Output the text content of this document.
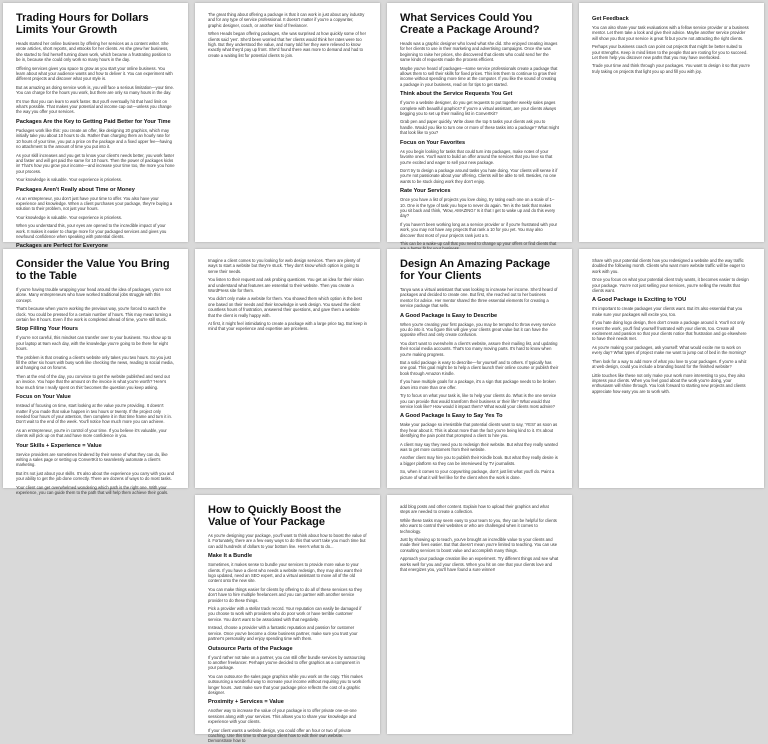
Trading Hours for Dollars Limits Your Growth
Heads started her online business by offering her services as a content writer. She wrote articles, short reports, and eBooks for her clients. As she grew her business, she started to find herself turning down work, which became a frustrating position to be in, because she could only work so many hours in the day.
Offering services gives you space to grow as you start your online business. You learn about what your audience wants and how to deliver it. You can experiment with different projects and discover what your style is.
But as amazing as doing service work is, you will face a serious limitation—your time. You can charge for the hours you work, but there are only so many hours in the day.
It's true that you can learn to work faster. But you'll eventually hit that hard limit on what's possible. That makes your potential and income cap out—unless you change the way you offer your services.
Packages Are the Key to Getting Paid Better for Your Time
Packages work like this: you create an offer, like designing 20 graphics, which may initially take you about 10 hours to do. Rather than charging them an hourly rate for 10 hours of your time, you put a price on the package and a fixed upper fee—having no attachment to the amount of time you put into it.
As your skill increases and you get to know your client's needs better, you work faster and faster and will get paid the same for 10 hours. Then the power of packages kicks in! That's how you grow your income—and increase your time too, the more you hone your process.
Your knowledge is valuable. Your experience is priceless.
Packages Aren't Really about Time or Money
As an entrepreneur, you don't just have your time to offer. You also have your experience and knowledge. When a client purchases your package, they're buying a solution to their problem, not just your hours.
Your knowledge is valuable. Your experience is priceless.
When you understand this, your eyes are opened to the incredible impact of your work. It makes it easier to charge more for your packaged services and gives you newfound confidence when speaking with potential clients.
Packages are Perfect for Everyone
The great thing about offering a package is that it can work in just about any industry and for any type of service professional. It doesn't matter if you're a copywriter, graphic designer, coach, or another kind of freelancer.
When Heads began offering packages, she was surprised at how quickly some of her clients said 'yes'. She'd been worried that her clients would think her rates were too high. But they understood the value, and many told her they were relieved to know exactly what they'd pay up front. She'd found there was more to demand and had to create a waiting list for potential clients to join.
What Services Could You Create a Package Around?
Heads was a graphic designer who loved what she did. She enjoyed creating images for her clients to use in their marketing and advertising campaigns. Once she was beginning to raise her prices, she discovered that clients who could send her the same kinds of requests made the process efficient.
Maybe you've heard of packages—some service professionals create a package that allows them to sell their skills for fixed prices. This lets them to continue to grow their income without spending more time at the computer. If you like the sound of creating a package in your business, read on for tips to get started.
Think about the Service Requests You Get
If you're a website designer, do you get requests to put together weekly sales pages complete with beautiful graphics? If you're a virtual assistant, are your clients always begging you to set up their mailing list in ConvertKit?
Grab pen and paper quickly. Write down the top 5 tasks your clients ask you to handle. Would you like to turn one or more of these tasks into a package? What might that look like to you?
Focus on Your Favorites
As you begin looking for tasks that could turn into packages, make notes of your favorite ones. You'll want to build an offer around the services that you love so that you're excited and eager to sell your new package.
Don't try to design a package around tasks you hate doing. Your clients will sense it if you're not passionate about your offering. Clients will be able to tell. Besides, no one wants to be stuck doing work they don't enjoy.
Rate Your Services
Once you have a list of projects you love doing, try rating each one on a scale of 1–10. One is the type of task you hope to never do again. Ten is the task that makes you sit back and think, 'Wow, AMAZING!' Is it that I get to wake up and do this every day?
If you haven't been working long as a service provider or if you're frustrated with your work, you may not have any projects that rank a 10 for you yet. You may also discover that most of your projects rank just a 5.
This can be a wake-up call that you need to change up your offers or find clients that
Get Feedback
You can also share your task evaluations with a fellow service provider or a business mentor. Let them take a look and give their advice. Maybe another service provider will show you that your service is great fit but you're not attracting the right clients.
Perhaps your business coach can point out projects that might be better suited to your strengths. Keep in mind listen to the people that are rooting for you to succeed. Let them help you discover new paths that you may have overlooked.
Trade your time and think through your packages. You want to design it so that you're truly taking on projects that light you up and fill you with joy.
Consider the Value You Bring to the Table
If you're having trouble wrapping your head around the idea of packages, you're not alone. Many entrepreneurs who have worked traditional jobs struggle with this concept.
That's because when you're working the previous way, you're forced to watch the clock. You could be pressed for a certain number of hours. This may mean turning a certain fee 8 hours. Even if the work is completed ahead of time, you're still stuck.
Stop Filling Your Hours
If you're not careful, this mindset can transfer over to your business. You show up to your laptop at 9am each day, with the knowledge you're going to be there for eight hours.
The problem is that creating a client's website only takes you two hours. So you just fill the other six hours with busy work like checking the news, reading to social media, and hanging out on forums.
Then at the end of the day, you convince to get the website published and send out an invoice. You hope that the amount on the invoice is what you're worth? 'Here's how much time I really spent on this' becomes the question you keep asking.
Focus on Your Value
Instead of focusing on time, start looking at the value you're providing. It doesn't matter if you made that value happen in two hours or twenty. If the project only needed four hours of your attention, then complete it in that time frame and turn it in. Don't wait to the end of the week. You'll notice how much more you can achieve.
As an entrepreneur, you're in control of your time. If you believe it's valuable, your clients will pick up on that and have more confidence in you.
Your Skills + Experience = Value
Service providers are sometimes hindered by their sense of what they can do, like writing a sales page or setting up ConvertKit to seamlessly automate a client's marketing.
But it's not just about your skills. It's also about the experience you carry with you and your ability to get the job done correctly. There are dozens of ways to do most tasks.
Your client can get overwhelmed wondering which path is the right one. With your experience, you can guide them to the path that will help them achieve their goals.
Imagine a client comes to you looking for web design services. There are plenty of ways to start a website but they're stuck. They don't know which option is going to serve their needs.
You listen to their request and ask probing questions. You get an idea for their vision and understand what features are essential to their website. Then you create a WordPress site for them.
You didn't only make a website for them. You showed them which option is the best one based on their needs and their knowledge in web design. You saved the client countless hours of frustration, answered their questions, and gave them a website that the client is really happy with.
At first, it might feel intimidating to create a package with a large price tag. But keep in mind that your experience and expertise are priceless.
Design An Amazing Package for Your Clients
Tanya was a virtual assistant that was looking to increase her income. She'd heard of packages and decided to create one. But first, she reached out to her business mentor for advice. Her mentor shared the three essential elements for creating a service package that sells.
A Good Package is Easy to Describe
When you're creating your first package, you may be tempted to throw every service you do into it. You figure this will give your clients great value but it can have the opposite effect and only create confusion.
You don't want to overwhelm a client's website, assure their mailing list, and updating their social media accounts. That's too many moving parts. It's hard to know when you're making progress.
But a solid package is easy to describe—for yourself and to others. If typically has one goal. This goal might be to help a client launch their online course or publish their book through Amazon Kindle.
If you have multiple goals for a package, it's a sign that package needs to be broken down into more than one offer.
Try to focus on what your task is, like to help your clients do. What is the one service you can provide that would transform their business or their life? What would that service look like? How would it impact them? What would your clients most admire?
A Good Package Is Easy to Say Yes To
Make your package so irresistible that potential clients want to say, 'YES!' as soon as they hear about it. This is about more than the fact you're being kind to it. It's about identifying the pain point that prompted a client to hire you.
A client may say they need you to redesign their website. But what they really wanted was to get more customers from their website.
Another client may hire you to publish their Kindle book. But what they really desire is a bigger platform so they can be interviewed by TV journalists.
So, when it comes to your copywriting package, don't just list what you'll do. Paint a picture of what it will feel like for the client when the work is done.
Share with your potential clients how you redesigned a website and the way traffic doubled the following month. Clients who want more website traffic will be eager to work with you.
Once you focus on what your potential client truly wants, it becomes easier to design your package. You're not just selling your services, you're selling the results that clients want.
A Good Package is Exciting to YOU
It's important to create packages your clients want. But it's also essential that you make sure your packages will excite you, too.
If you hate doing logo design, then don't create a package around it. You'll not only resent the work, you'll find yourself frustrated with your clients, too. Create all excitement and passion so that your clients notice that frustration and go elsewhere to have their needs met.
As you're making your packages, ask yourself: What would excite me to work on every day? What types of project make me want to jump out of bed in the morning?
Then look for a way to add more of what you love to your packages. If you're a whiz at web design, could you include a branding board for the finished website?
Little touches like these not only make your work more interesting to you, they also impress your clients. When you feel good about the work you're doing, your enthusiasm will shine through. You look forward to starting new projects and clients appreciate how easy you are to work with.
How to Quickly Boost the Value of Your Package
As you're designing your package, you'll want to think about how to boost the value of it. Fortunately, there are a few easy ways to do this that won't take you much time but can add hundreds of dollars to your bottom line. Here's what to do...
Make It a Bundle
Sometimes, it makes sense to bundle your services to provide more value to your clients. If you have a client who needs a website redesign, they may also want their logo updated, need an SEO expert, and a virtual assistant to move all of the old content onto the new site.
You can make things easier for clients by offering to do all of these services so they don't have to hire multiple freelancers and you can partner with another service provider to do these things.
Pick a provider with a stellar track record. Your reputation can easily be damaged if you choose to work with providers who do poor work or have terrible customer service. You don't want to be associated with that negativity.
Instead, choose a provider with a fantastic reputation and passion for customer service. Once you've become a close business partner, make sure you trust your partner's personality and enjoy spending time with them.
Outsource Parts of the Package
If you'd rather not take on a partner, you can still offer bundle services by outsourcing to another freelancer. Perhaps you've decided to offer graphics as a component in your package.
You can outsource the sales page graphics while you work on the copy. This makes outsourcing a wonderful way to increase your income without requiring you to work longer hours. Just make sure that your package price reflects the cost of a graphic designer.
Proximity + Services = Value
Another way to increase the value of your package is to offer private one-on-one sessions along with your services. This allows you to share your knowledge and experience with your clients.
If your client wants a website design, you could offer an hour or two of private coaching. Use this time to show your client how to edit their own website. Demonstrate how to
add blog posts and other content. Explain how to upload their graphics and what steps are needed to create a collection.
While these tasks may seem easy to your team to you, they can be helpful for clients who want to control their websites or who are challenged when it comes to technology.
Just by showing up to teach, you've brought an incredible value to your clients and made their lives easier. But that doesn't mean you're limited to teaching. You can use consulting services to boost value and accomplish many things.
Approach your package creation like an experiment. Try different things and see what works well for you and your clients. When you hit on one that your clients love and that energizes you, you'll have found a sure winner!
